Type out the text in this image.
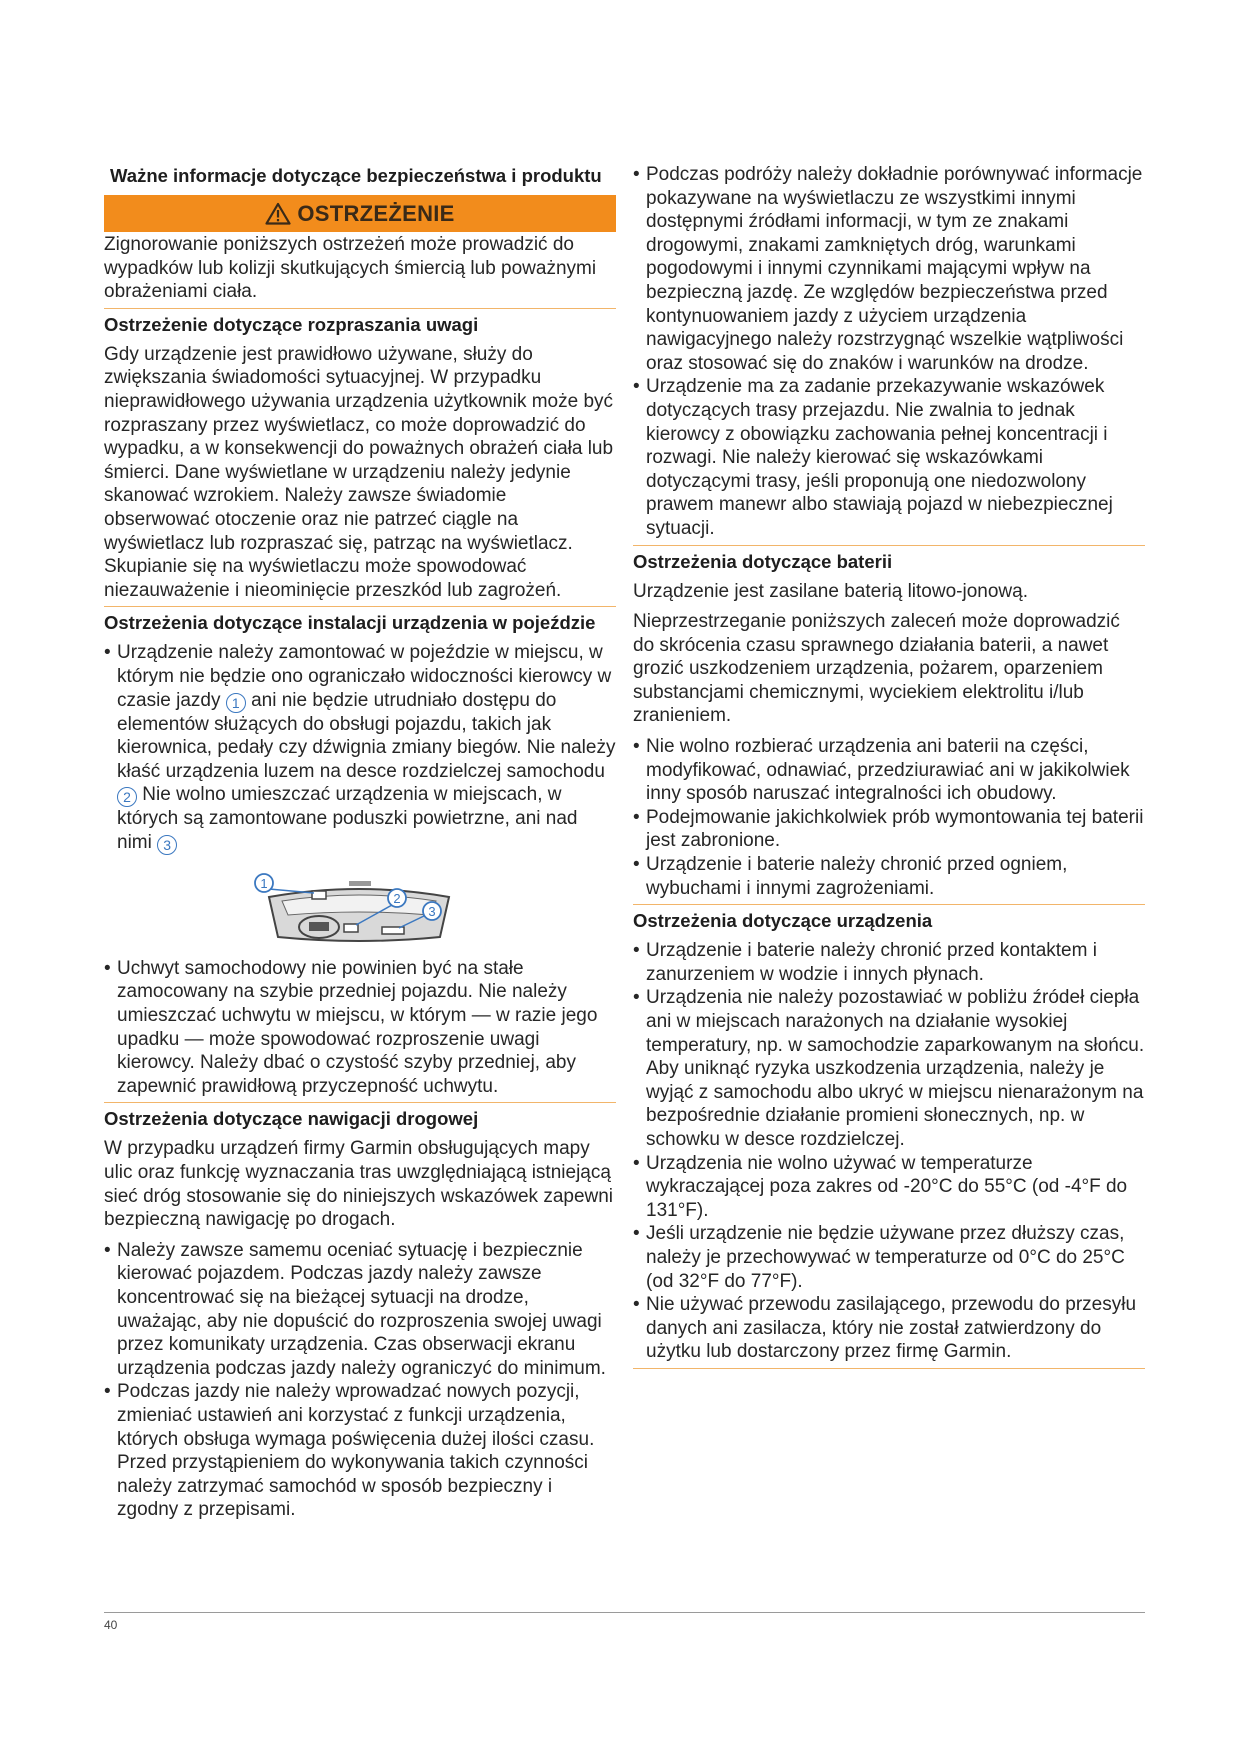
Ważne informacje dotyczące bezpieczeństwa i produktu
OSTRZEŻENIE

Zignorowanie poniższych ostrzeżeń może prowadzić do wypadków lub kolizji skutkujących śmiercią lub poważnymi obrażeniami ciała.

Ostrzeżenie dotyczące rozpraszania uwagi

Gdy urządzenie jest prawidłowo używane, służy do zwiększania świadomości sytuacyjnej. W przypadku nieprawidłowego używania urządzenia użytkownik może być rozpraszany przez wyświetlacz, co może doprowadzić do wypadku, a w konsekwencji do poważnych obrażeń ciała lub śmierci. Dane wyświetlane w urządzeniu należy jedynie skanować wzrokiem. Należy zawsze świadomie obserwować otoczenie oraz nie patrzeć ciągle na wyświetlacz lub rozpraszać się, patrząc na wyświetlacz. Skupianie się na wyświetlaczu może spowodować niezauważenie i nieominięcie przeszkód lub zagrożeń.

Ostrzeżenia dotyczące instalacji urządzenia w pojeździe
• Urządzenie należy zamontować w pojeździe w miejscu, w którym nie będzie ono ograniczało widoczności kierowcy w czasie jazdy 1 ani nie będzie utrudniało dostępu do elementów służących do obsługi pojazdu, takich jak kierownica, pedały czy dźwignia zmiany biegów. Nie należy kłaść urządzenia luzem na desce rozdzielczej samochodu 2 Nie wolno umieszczać urządzenia w miejscach, w których są zamontowane poduszki powietrzne, ani nad nimi 3
1
2
3
• Uchwyt samochodowy nie powinien być na stałe zamocowany na szybie przedniej pojazdu. Nie należy umieszczać uchwytu w miejscu, w którym — w razie jego upadku — może spowodować rozproszenie uwagi kierowcy. Należy dbać o czystość szyby przedniej, aby zapewnić prawidłową przyczepność uchwytu.
Ostrzeżenia dotyczące nawigacji drogowej

W przypadku urządzeń firmy Garmin obsługujących mapy ulic oraz funkcję wyznaczania tras uwzględniającą istniejącą sieć dróg stosowanie się do niniejszych wskazówek zapewni bezpieczną nawigację po drogach.

• Należy zawsze samemu oceniać sytuację i bezpiecznie kierować pojazdem. Podczas jazdy należy zawsze koncentrować się na bieżącej sytuacji na drodze, uważając, aby nie dopuścić do rozproszenia swojej uwagi przez komunikaty urządzenia. Czas obserwacji ekranu urządzenia podczas jazdy należy ograniczyć do minimum.
• Podczas jazdy nie należy wprowadzać nowych pozycji, zmieniać ustawień ani korzystać z funkcji urządzenia, których obsługa wymaga poświęcenia dużej ilości czasu. Przed przystąpieniem do wykonywania takich czynności należy zatrzymać samochód w sposób bezpieczny i zgodny z przepisami.
• Podczas podróży należy dokładnie porównywać informacje pokazywane na wyświetlaczu ze wszystkimi innymi dostępnymi źródłami informacji, w tym ze znakami drogowymi, znakami zamkniętych dróg, warunkami pogodowymi i innymi czynnikami mającymi wpływ na bezpieczną jazdę. Ze względów bezpieczeństwa przed kontynuowaniem jazdy z użyciem urządzenia nawigacyjnego należy rozstrzygnąć wszelkie wątpliwości oraz stosować się do znaków i warunków na drodze.
• Urządzenie ma za zadanie przekazywanie wskazówek dotyczących trasy przejazdu. Nie zwalnia to jednak kierowcy z obowiązku zachowania pełnej koncentracji i rozwagi. Nie należy kierować się wskazówkami dotyczącymi trasy, jeśli proponują one niedozwolony prawem manewr albo stawiają pojazd w niebezpiecznej sytuacji.
Ostrzeżenia dotyczące baterii

Urządzenie jest zasilane baterią litowo-jonową.

Nieprzestrzeganie poniższych zaleceń może doprowadzić do skrócenia czasu sprawnego działania baterii, a nawet grozić uszkodzeniem urządzenia, pożarem, oparzeniem substancjami chemicznymi, wyciekiem elektrolitu i/lub zranieniem.

• Nie wolno rozbierać urządzenia ani baterii na części, modyfikować, odnawiać, przedziurawiać ani w jakikolwiek inny sposób naruszać integralności ich obudowy.
• Podejmowanie jakichkolwiek prób wymontowania tej baterii jest zabronione.
• Urządzenie i baterie należy chronić przed ogniem, wybuchami i innymi zagrożeniami.
Ostrzeżenia dotyczące urządzenia
• Urządzenie i baterie należy chronić przed kontaktem i zanurzeniem w wodzie i innych płynach.
• Urządzenia nie należy pozostawiać w pobliżu źródeł ciepła ani w miejscach narażonych na działanie wysokiej temperatury, np. w samochodzie zaparkowanym na słońcu. Aby uniknąć ryzyka uszkodzenia urządzenia, należy je wyjąć z samochodu albo ukryć w miejscu nienarażonym na bezpośrednie działanie promieni słonecznych, np. w schowku w desce rozdzielczej.
• Urządzenia nie wolno używać w temperaturze wykraczającej poza zakres od -20°C do 55°C (od -4°F do 131°F).
• Jeśli urządzenie nie będzie używane przez dłuższy czas, należy je przechowywać w temperaturze od 0°C do 25°C (od 32°F do 77°F).
• Nie używać przewodu zasilającego, przewodu do przesyłu danych ani zasilacza, który nie został zatwierdzony do użytku lub dostarczony przez firmę Garmin.
40
